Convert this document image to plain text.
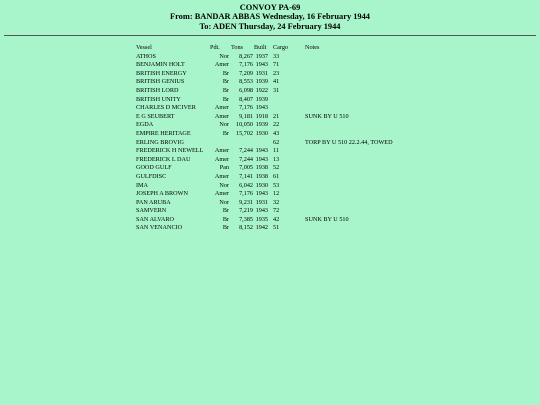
CONVOY PA-69
From: BANDAR ABBAS Wednesday, 16 February 1944
To: ADEN Thursday, 24 February 1944
Vessel	Pdt.	Tons	Built	Cargo	Notes
ATHOS	Nor	8,267	1937	33	
BENJAMIN HOLT	Amer	7,176	1943	71	
BRITISH ENERGY	Br	7,209	1931	23	
BRITISH GENIUS	Br	8,553	1939	41	
BRITISH LORD	Br	6,098	1922	31	
BRITISH UNITY	Br	8,407	1939		
CHARLES D MCIVER	Amer	7,176	1943		
E G SEUBERT	Amer	9,181	1918	21	SUNK BY U 510
EGDA	Nor	10,050	1939	22	
EMPIRE HERITAGE	Br	15,702	1930	43	
ERLING BROVIG				62	TORP BY U 510 22.2.44, TOWED
FREDERICK H NEWELL	Amer	7,244	1943	11	
FREDERICK L DAU	Amer	7,244	1943	13	
GOOD GULF	Pan	7,005	1938	52	
GULFDISC	Amer	7,141	1938	61	
IMA	Nor	6,042	1930	53	
JOSEPH A BROWN	Amer	7,176	1943	12	
PAN ARUBA	Nor	9,231	1931	32	
SAMVERN	Br	7,219	1943	72	
SAN ALVARO	Br	7,385	1935	42	SUNK BY U 510
SAN VENANCIO	Br	8,152	1942	51	
